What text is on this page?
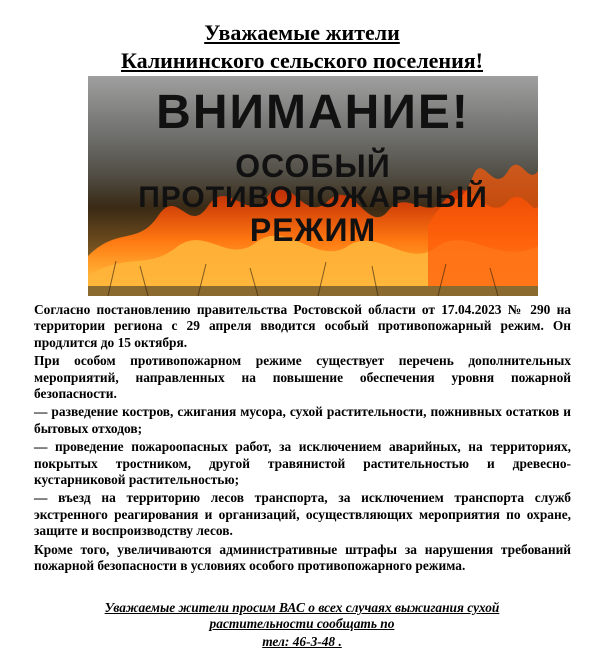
Уважаемые жители
Калининского сельского поселения!
ВНИМАНИЕ!
ОСОБЫЙ
ПРОТИВОПОЖАРНЫЙ
РЕЖИМ

Согласно постановлению правительства Ростовской области от 17.04.2023 № 290 на территории региона с 29 апреля вводится особый противопожарный режим. Он продлится до 15 октября.

При особом противопожарном режиме существует перечень дополнительных мероприятий, направленных на повышение обеспечения уровня пожарной безопасности.

— разведение костров, сжигания мусора, сухой растительности, пожнивных остатков и бытовых отходов;

— проведение пожароопасных работ, за исключением аварийных, на территориях, покрытых тростником, другой травянистой растительностью и древесно-кустарниковой растительностью;

— въезд на территорию лесов транспорта, за исключением транспорта служб экстренного реагирования и организаций, осуществляющих мероприятия по охране, защите и воспроизводству лесов.

Кроме того, увеличиваются административные штрафы за нарушения требований пожарной безопасности в условиях особого противопожарного режима.

Уважаемые жители просим ВАС о всех случаях выжигания сухой
растительности сообщать по
тел: 46-3-48 .
